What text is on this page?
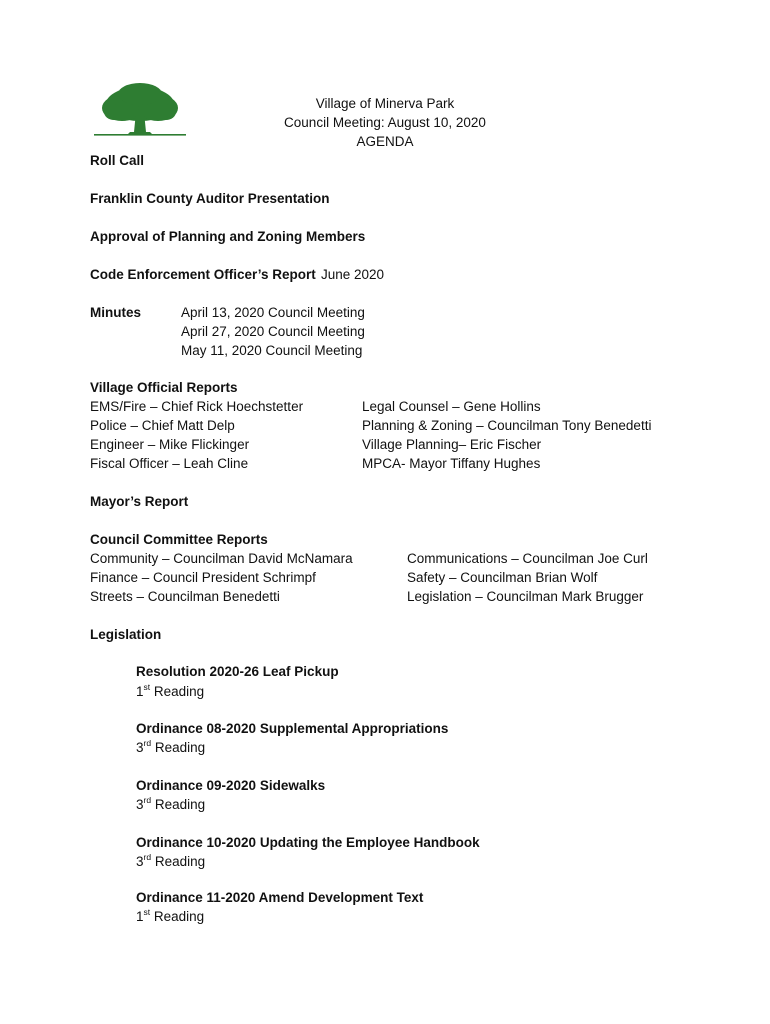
Village of Minerva Park
Council Meeting: August 10, 2020
AGENDA
Roll Call
Franklin County Auditor Presentation
Approval of Planning and Zoning Members
Code Enforcement Officer’s Report June 2020
Minutes	April 13, 2020 Council Meeting
April 27, 2020 Council Meeting
May 11, 2020 Council Meeting
Village Official Reports
EMS/Fire – Chief Rick Hoechstetter
Police – Chief Matt Delp
Engineer – Mike Flickinger
Fiscal Officer – Leah Cline
Legal Counsel – Gene Hollins
Planning & Zoning – Councilman Tony Benedetti
Village Planning– Eric Fischer
MPCA- Mayor Tiffany Hughes
Mayor’s Report
Council Committee Reports
Community – Councilman David McNamara
Finance – Council President Schrimpf
Streets – Councilman Benedetti
Communications – Councilman Joe Curl
Safety – Councilman Brian Wolf
Legislation – Councilman Mark Brugger
Legislation
Resolution 2020-26 Leaf Pickup
1st Reading
Ordinance 08-2020 Supplemental Appropriations
3rd Reading
Ordinance 09-2020 Sidewalks
3rd Reading
Ordinance 10-2020 Updating the Employee Handbook
3rd Reading
Ordinance 11-2020 Amend Development Text
1st Reading
